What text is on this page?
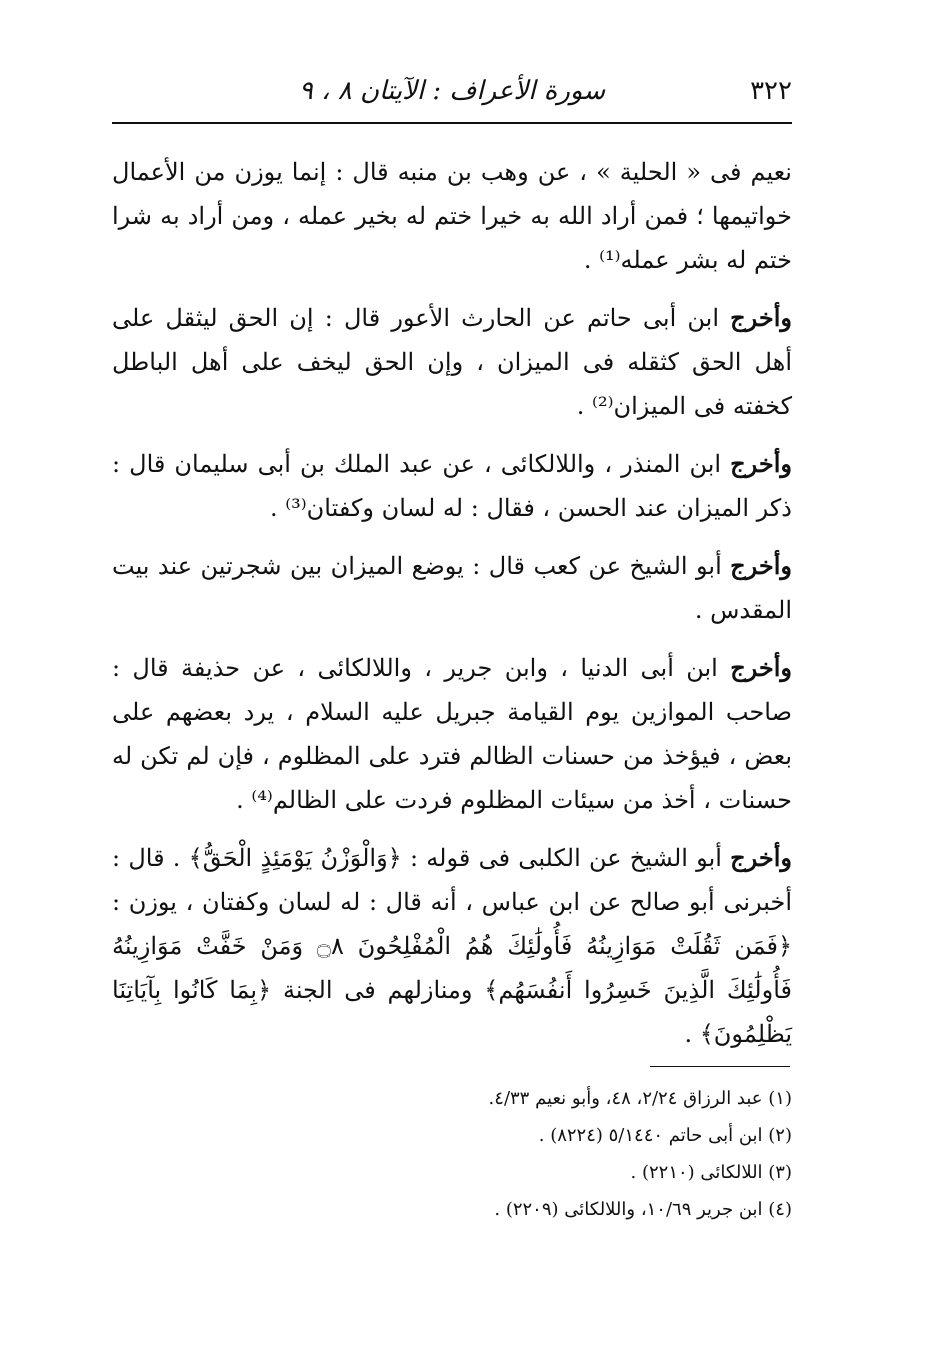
٣٢٢
سورة الأعراف : الآيتان ٨ ، ٩

نعيم فى « الحلية » ، عن وهب بن منبه قال : إنما يوزن من الأعمال خواتيمها ؛ فمن أراد الله به خيرا ختم له بخير عمله ، ومن أراد به شرا ختم له بشر عمله⁽¹⁾ .

وأخرج ابن أبى حاتم عن الحارث الأعور قال : إن الحق ليثقل على أهل الحق كثقله فى الميزان ، وإن الحق ليخف على أهل الباطل كخفته فى الميزان⁽²⁾ .

وأخرج ابن المنذر ، واللالكائى ، عن عبد الملك بن أبى سليمان قال : ذكر الميزان عند الحسن ، فقال : له لسان وكفتان⁽³⁾ .

وأخرج أبو الشيخ عن كعب قال : يوضع الميزان بين شجرتين عند بيت المقدس .

وأخرج ابن أبى الدنيا ، وابن جرير ، واللالكائى ، عن حذيفة قال : صاحب الموازين يوم القيامة جبريل عليه السلام ، يرد بعضهم على بعض ، فيؤخذ من حسنات الظالم فترد على المظلوم ، فإن لم تكن له حسنات ، أخذ من سيئات المظلوم فردت على الظالم⁽⁴⁾ .

وأخرج أبو الشيخ عن الكلبى فى قوله : ﴿وَالْوَزْنُ يَوْمَئِذٍ الْحَقُّ﴾ . قال : أخبرنى أبو صالح عن ابن عباس ، أنه قال : له لسان وكفتان ، يوزن : ﴿فَمَن ثَقُلَتْ مَوَازِينُهُ فَأُولَٰئِكَ هُمُ الْمُفْلِحُونَ ۝٨ وَمَنْ خَفَّتْ مَوَازِينُهُ فَأُولَٰئِكَ الَّذِينَ خَسِرُوا أَنفُسَهُم﴾ ومنازلهم فى الجنة ﴿بِمَا كَانُوا بِآيَاتِنَا يَظْلِمُونَ﴾ .

(١) عبد الرزاق ٢/٢٤، ٤٨، وأبو نعيم ٤/٣٣.

(٢) ابن أبى حاتم ٥/١٤٤٠ (٨٢٢٤) .

(٣) اللالكائى (٢٢١٠) .

(٤) ابن جرير ١٠/٦٩، واللالكائى (٢٢٠٩) .
